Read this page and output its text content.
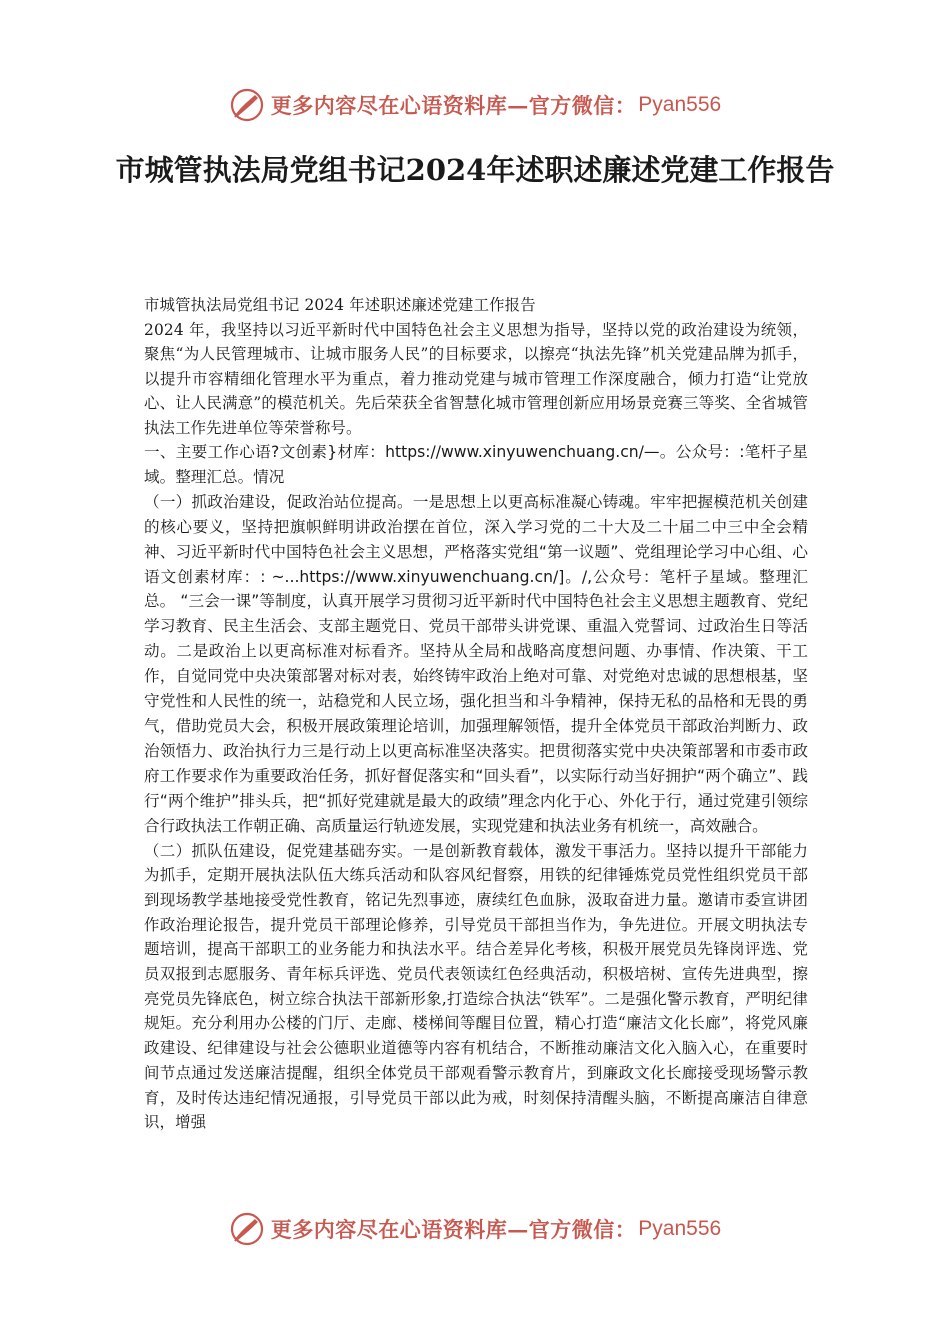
更多内容尽在心语资料库—官方微信： Pyan556
市城管执法局党组书记2024年述职述廉述党建工作报告

市城管执法局党组书记 2024 年述职述廉述党建工作报告

2024 年，我坚持以习近平新时代中国特色社会主义思想为指导，坚持以党的政治建设为统领，聚焦“为人民管理城市、让城市服务人民”的目标要求，以擦亮“执法先锋”机关党建品牌为抓手，以提升市容精细化管理水平为重点，着力推动党建与城市管理工作深度融合，倾力打造“让党放心、让人民满意”的模范机关。先后荣获全省智慧化城市管理创新应用场景竞赛三等奖、全省城管执法工作先进单位等荣誉称号。

一、主要工作心语?文创素}材库：https://www.xinyuwenchuang.cn/—。公众号：:笔杆子星域。整理汇总。情况

（一）抓政治建设，促政治站位提高。一是思想上以更高标准凝心铸魂。牢牢把握模范机关创建的核心要义，坚持把旗帜鲜明讲政治摆在首位，深入学习党的二十大及二十届二中三中全会精神、习近平新时代中国特色社会主义思想，严格落实党组“第一议题”、党组理论学习中心组、心语文创素材库：: ~...https://www.xinyuwenchuang.cn/]。/,公众号：笔杆子星域。整理汇总。 “三会一课”等制度，认真开展学习贯彻习近平新时代中国特色社会主义思想主题教育、党纪学习教育、民主生活会、支部主题党日、党员干部带头讲党课、重温入党誓词、过政治生日等活动。二是政治上以更高标准对标看齐。坚持从全局和战略高度想问题、办事情、作决策、干工作，自觉同党中央决策部署对标对表，始终铸牢政治上绝对可靠、对党绝对忠诚的思想根基，坚守党性和人民性的统一，站稳党和人民立场，强化担当和斗争精神，保持无私的品格和无畏的勇气，借助党员大会，积极开展政策理论培训，加强理解领悟，提升全体党员干部政治判断力、政治领悟力、政治执行力三是行动上以更高标准坚决落实。把贯彻落实党中央决策部署和市委市政府工作要求作为重要政治任务，抓好督促落实和“回头看”，以实际行动当好拥护“两个确立”、践行“两个维护”排头兵，把“抓好党建就是最大的政绩”理念内化于心、外化于行，通过党建引领综合行政执法工作朝正确、高质量运行轨迹发展，实现党建和执法业务有机统一，高效融合。

（二）抓队伍建设，促党建基础夯实。一是创新教育载体，激发干事活力。坚持以提升干部能力为抓手，定期开展执法队伍大练兵活动和队容风纪督察，用铁的纪律锤炼党员党性组织党员干部到现场教学基地接受党性教育，铭记先烈事迹，赓续红色血脉，汲取奋进力量。邀请市委宣讲团作政治理论报告，提升党员干部理论修养，引导党员干部担当作为，争先进位。开展文明执法专题培训，提高干部职工的业务能力和执法水平。结合差异化考核，积极开展党员先锋岗评选、党员双报到志愿服务、青年标兵评选、党员代表领读红色经典活动，积极培树、宣传先进典型，擦亮党员先锋底色，树立综合执法干部新形象,打造综合执法“铁军”。二是强化警示教育，严明纪律规矩。充分利用办公楼的门厅、走廊、楼梯间等醒目位置，精心打造“廉洁文化长廊”，将党风廉政建设、纪律建设与社会公德职业道德等内容有机结合，不断推动廉洁文化入脑入心，在重要时间节点通过发送廉洁提醒，组织全体党员干部观看警示教育片，到廉政文化长廊接受现场警示教育，及时传达违纪情况通报，引导党员干部以此为戒，时刻保持清醒头脑，不断提高廉洁自律意识，增强

更多内容尽在心语资料库—官方微信： Pyan556
